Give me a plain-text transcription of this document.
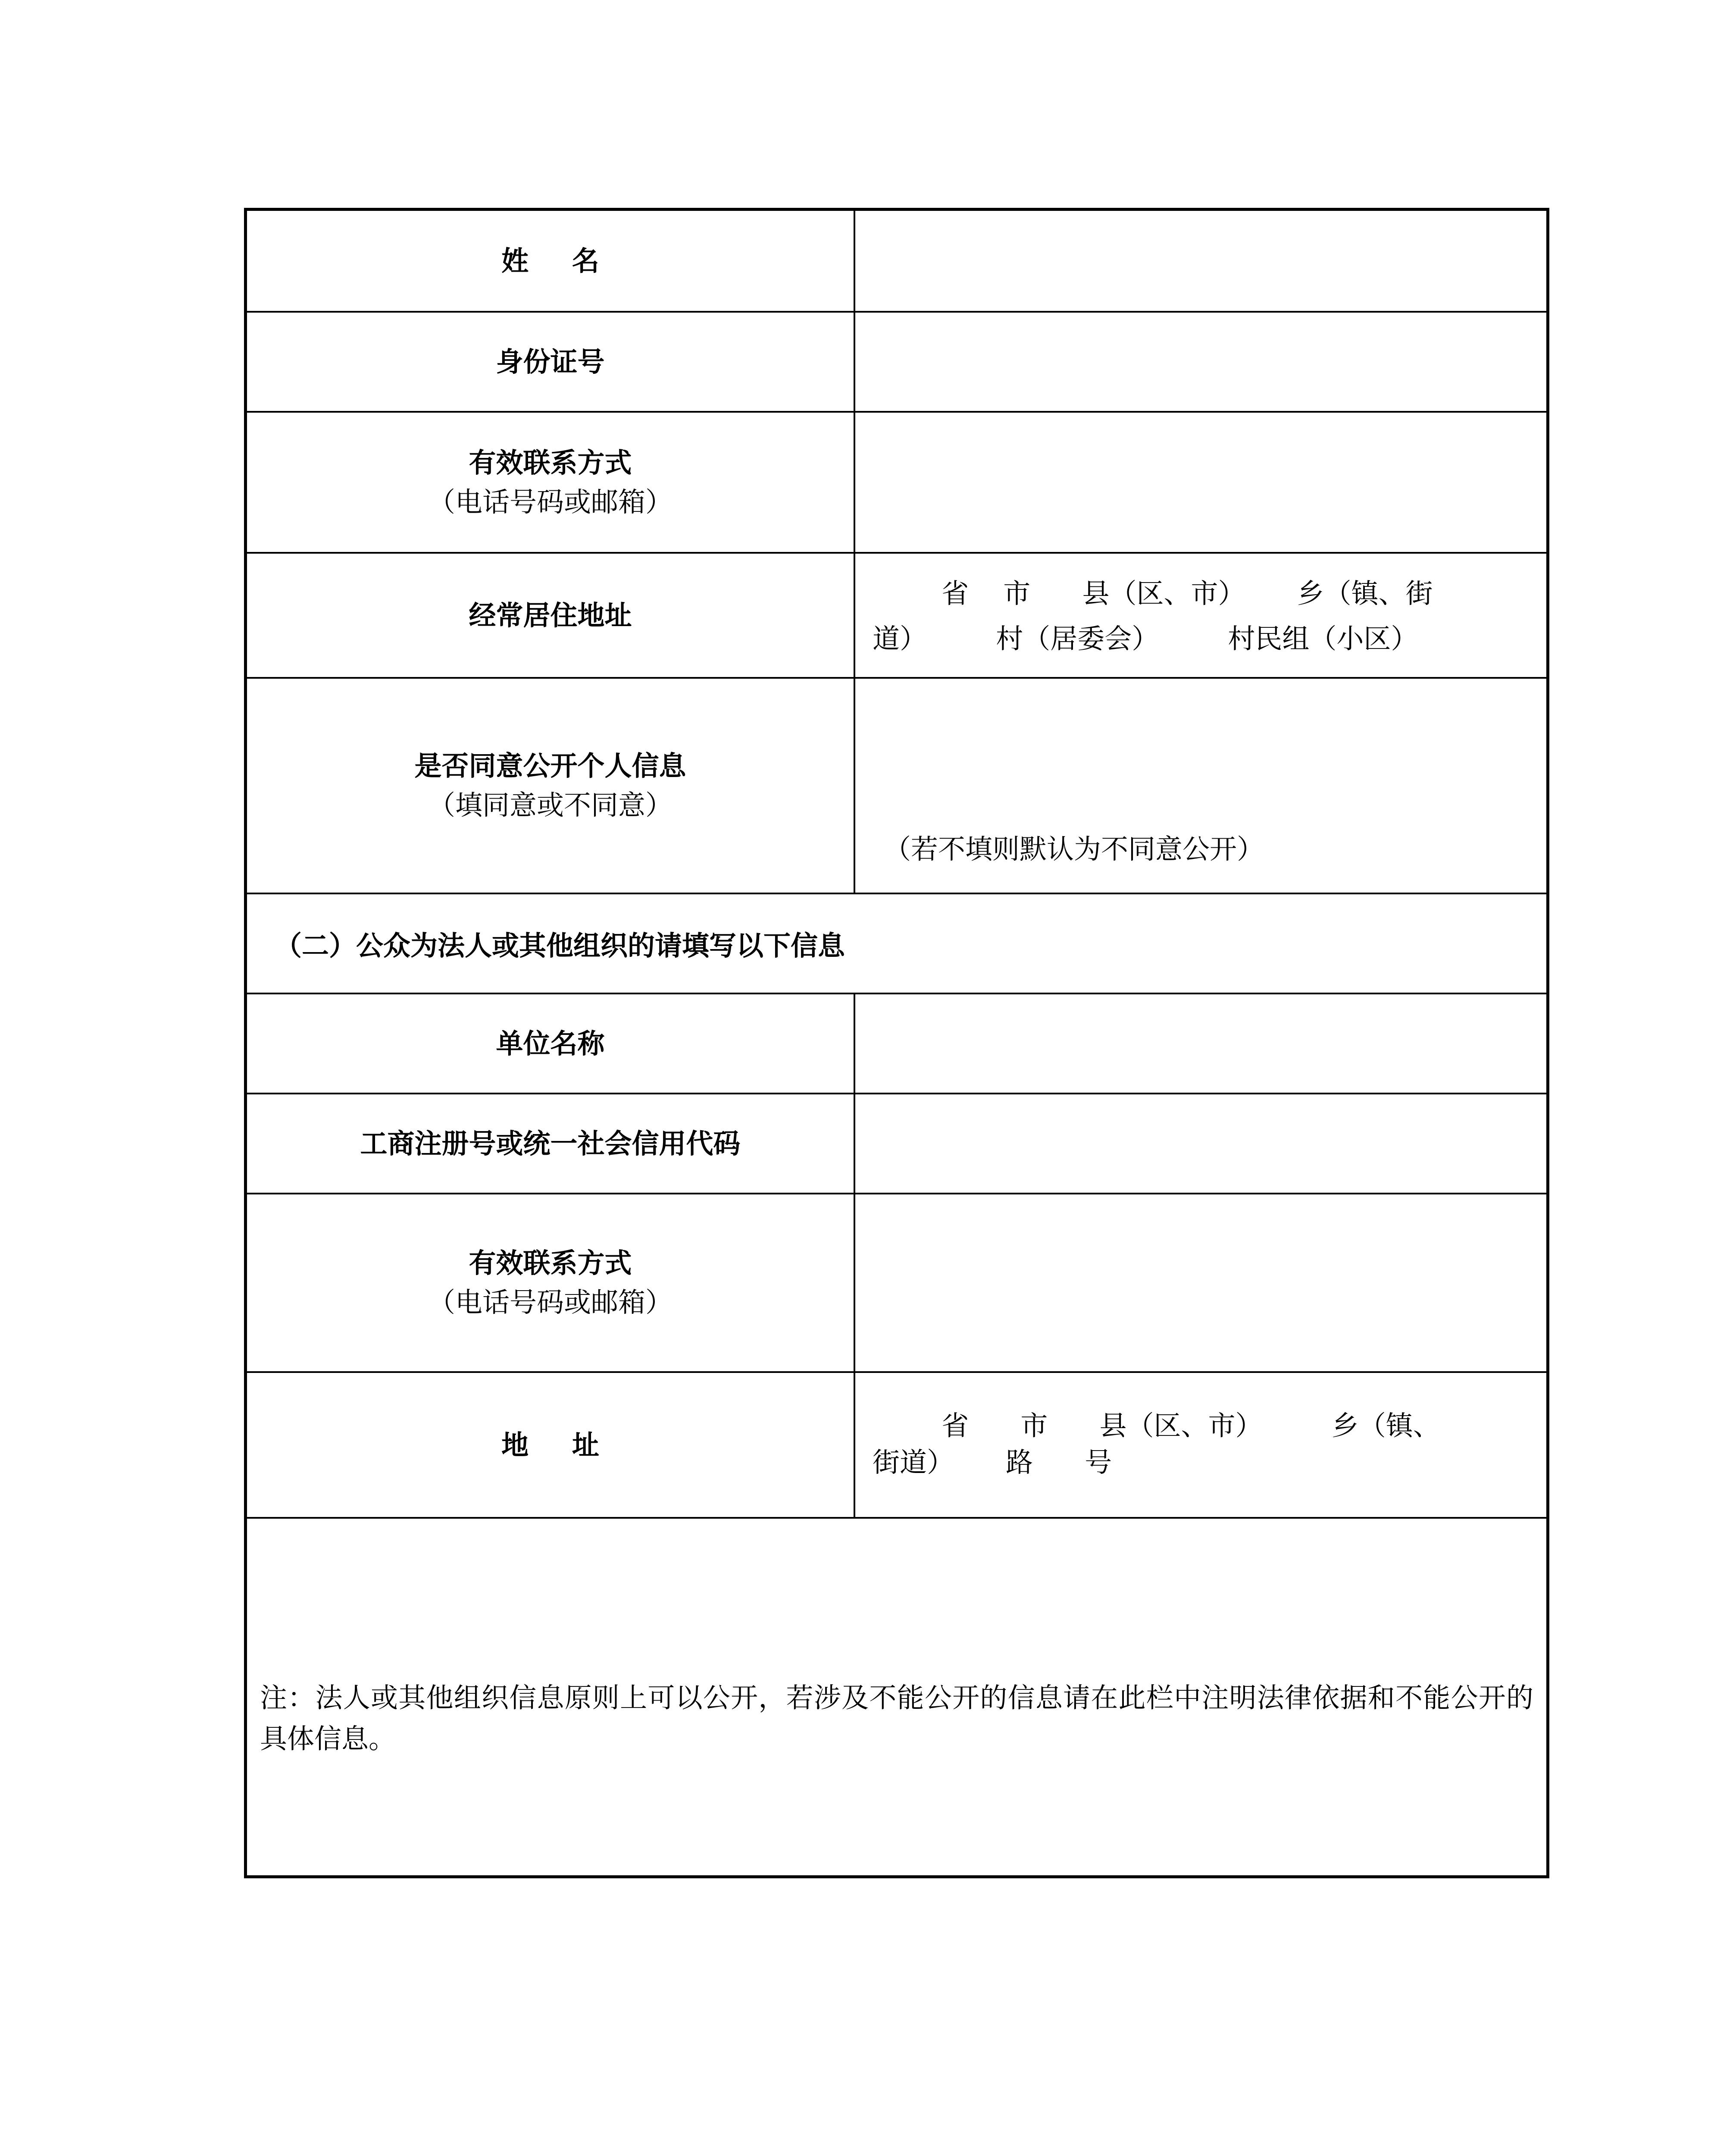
姓名
身份证号
有效联系方式
（电话号码或邮箱）
经常居住地址
省    市      县（区、市）      乡（镇、街
道）        村（居委会）        村民组（小区）
是否同意公开个人信息
（填同意或不同意）
（若不填则默认为不同意公开）
（二）公众为法人或其他组织的请填写以下信息
单位名称
工商注册号或统一社会信用代码
有效联系方式
（电话号码或邮箱）
地址
省      市      县（区、市）        乡（镇、
街道）      路      号
注：法人或其他组织信息原则上可以公开，若涉及不能公开的信息请在此栏中注明法律依据和不能公开的具体信息。
